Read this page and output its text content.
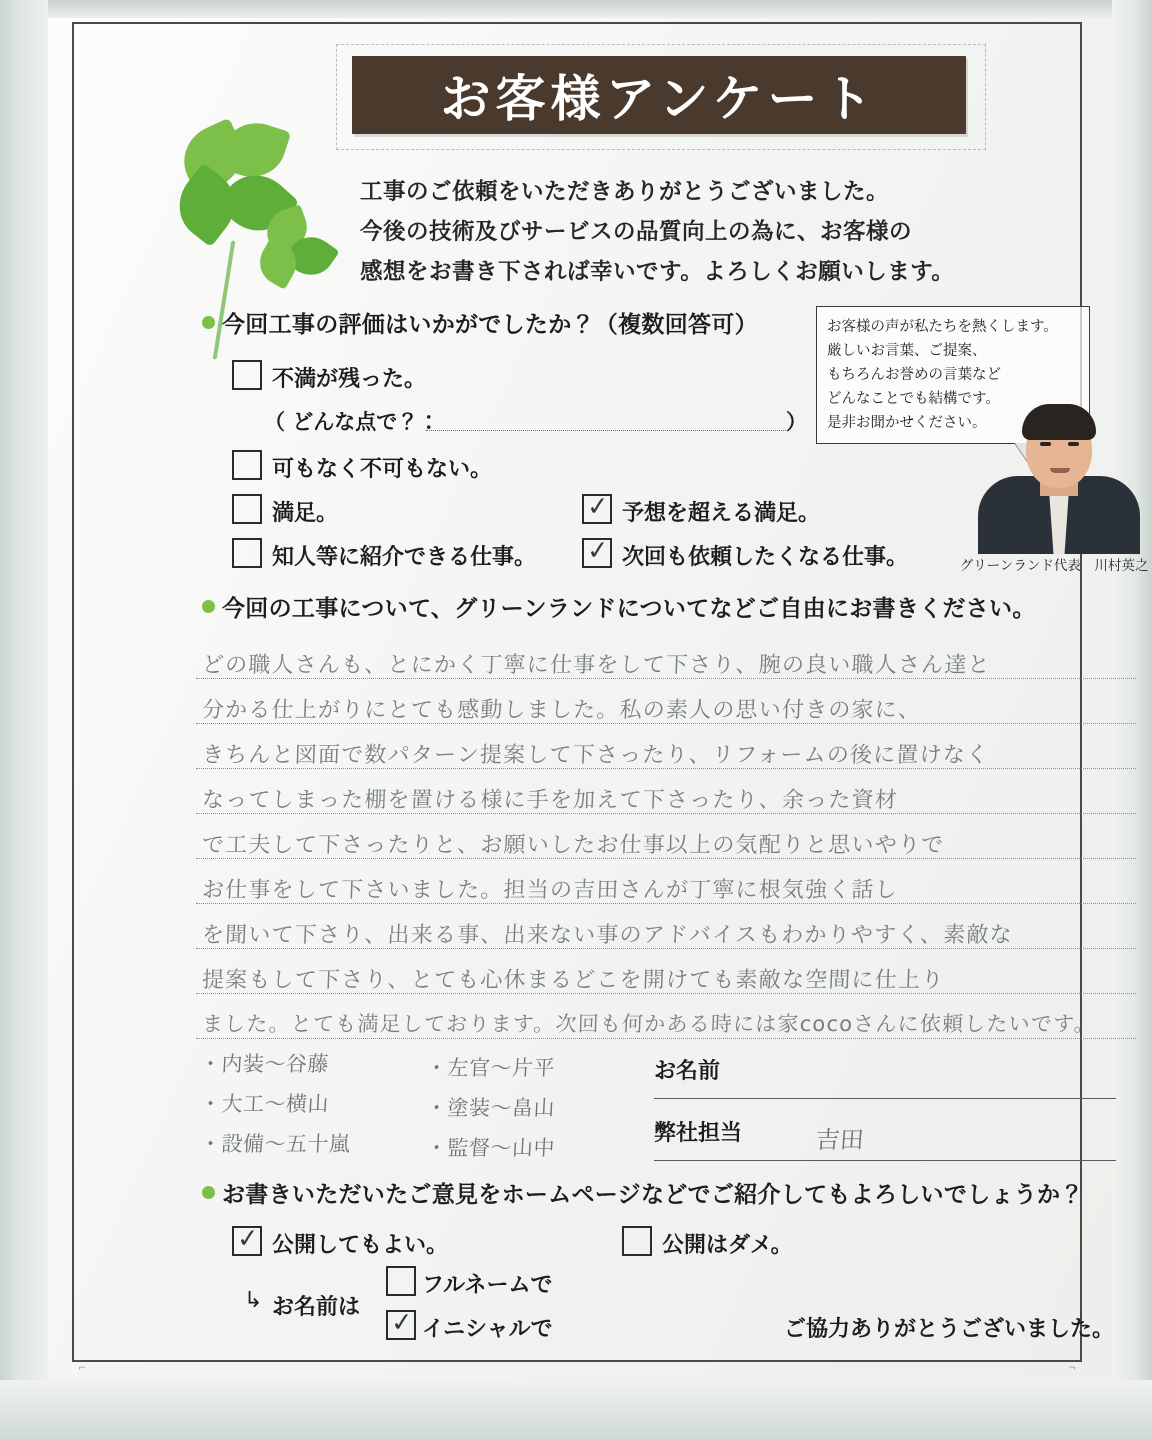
お客様アンケート
工事のご依頼をいただきありがとうございました。
今後の技術及びサービスの品質向上の為に、お客様の
感想をお書き下されば幸いです。よろしくお願いします。
今回工事の評価はいかがでしたか？（複数回答可）	お客様の声が私たちを熱くします。
厳しいお言葉、ご提案、
もちろんお誉めの言葉など
どんなことでも結構です。
是非お聞かせください。
グリーンランド代表　川村英之
不満が残った。
（ どんな点で？：	）
可もなく不可もない。
満足。	✓ 予想を超える満足。
知人等に紹介できる仕事。 ✓ 次回も依頼したくなる仕事。
今回の工事について、グリーンランドについてなどご自由にお書きください。
どの職人さんも、とにかく丁寧に仕事をして下さり、腕の良い職人さん達と
分かる仕上がりにとても感動しました。私の素人の思い付きの家に、
きちんと図面で数パターン提案して下さったり、リフォームの後に置けなく
なってしまった棚を置ける様に手を加えて下さったり、余った資材
で工夫して下さったりと、お願いしたお仕事以上の気配りと思いやりで
お仕事をして下さいました。担当の吉田さんが丁寧に根気強く話し
を聞いて下さり、出来る事、出来ない事のアドバイスもわかりやすく、素敵な
提案もして下さり、とても心休まるどこを開けても素敵な空間に仕上り
ました。とても満足しております。次回も何かある時には家cocoさんに依頼したいです。
・内装〜谷藤
・大工〜横山
・設備〜五十嵐
・左官〜片平
・塗装〜畠山
・監督〜山中
お名前
弊社担当	吉田
お書きいただいたご意見をホームページなどでご紹介してもよろしいでしょうか？
✓ 公開してもよい。	公開はダメ。
↳ お名前は
フルネームで
✓ イニシャルで	ご協力ありがとうございました。
⌐	¬
